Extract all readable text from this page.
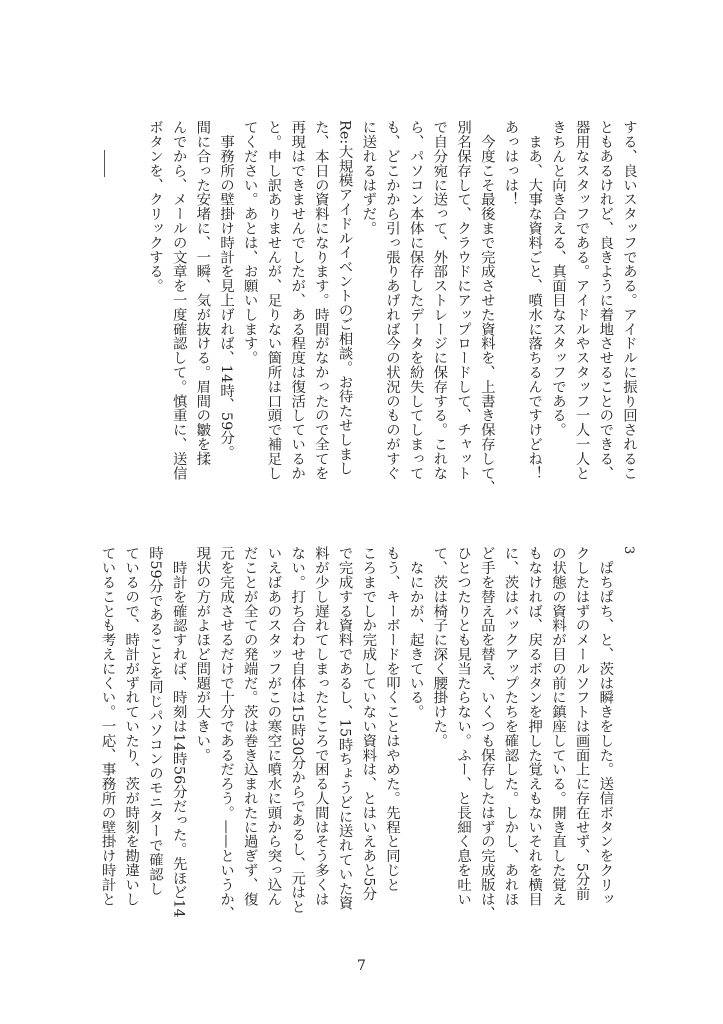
する、良いスタッフである。アイドルに振り回されるこ
ともあるけれど、良きように着地させることのできる、
器用なスタッフである。アイドルやスタッフ一人一人と
きちんと向き合える、真面目なスタッフである。
　まあ、大事な資料ごと、噴水に落ちるんですけどね！
あっはっは！
　今度こそ最後まで完成させた資料を、上書き保存して、
別名保存して、クラウドにアップロードして、チャット
で自分宛に送って、外部ストレージに保存する。これな
ら、パソコン本体に保存したデータを紛失してしまって
も、どこかから引っ張りあげれば今の状況のものがすぐ
に送れるはずだ。
Re:大規模アイドルイベントのご相談。お待たせしまし
た、本日の資料になります。時間がなかったので全てを
再現はできませんでしたが、ある程度は復活しているか
と。申し訳ありませんが、足りない箇所は口頭で補足し
てください。あとは、お願いします。
　事務所の壁掛け時計を見上げれば、14時、59分。
間に合った安堵に、一瞬、気が抜ける。眉間の皺を揉
んでから、メールの文章を一度確認して。慎重に、送信
ボタンを、クリックする。
3
　ぱちぱち、と、茨は瞬きをした。送信ボタンをクリッ
クしたはずのメールソフトは画面上に存在せず、5分前
の状態の資料が目の前に鎮座している。開き直した覚え
もなければ、戻るボタンを押した覚えもないそれを横目
に、茨はバックアップたちを確認した。しかし、あれほ
ど手を替え品を替え、いくつも保存したはずの完成版は、
ひとつたりとも見当たらない。ふー、と長細く息を吐い
て、茨は椅子に深く腰掛けた。
　なにかが、起きている。
もう、キーボードを叩くことはやめた。先程と同じと
ころまでしか完成していない資料は、とはいえあと5分
で完成する資料であるし、15時ちょうどに送れていた資
料が少し遅れてしまったところで困る人間はそう多くは
ない。打ち合わせ自体は15時30分からであるし、元はと
いえばあのスタッフがこの寒空に噴水に頭から突っ込ん
だことが全ての発端だ。茨は巻き込まれたに過ぎず、復
元を完成させるだけで十分であるだろう。——というか、
現状の方がよほど問題が大きい。
　時計を確認すれば、時刻は14時56分だった。先ほど14
時59分であることを同じパソコンのモニターで確認し
ているので、時計がずれていたり、茨が時刻を勘違いし
ていることも考えにくい。一応、事務所の壁掛け時計と
7
